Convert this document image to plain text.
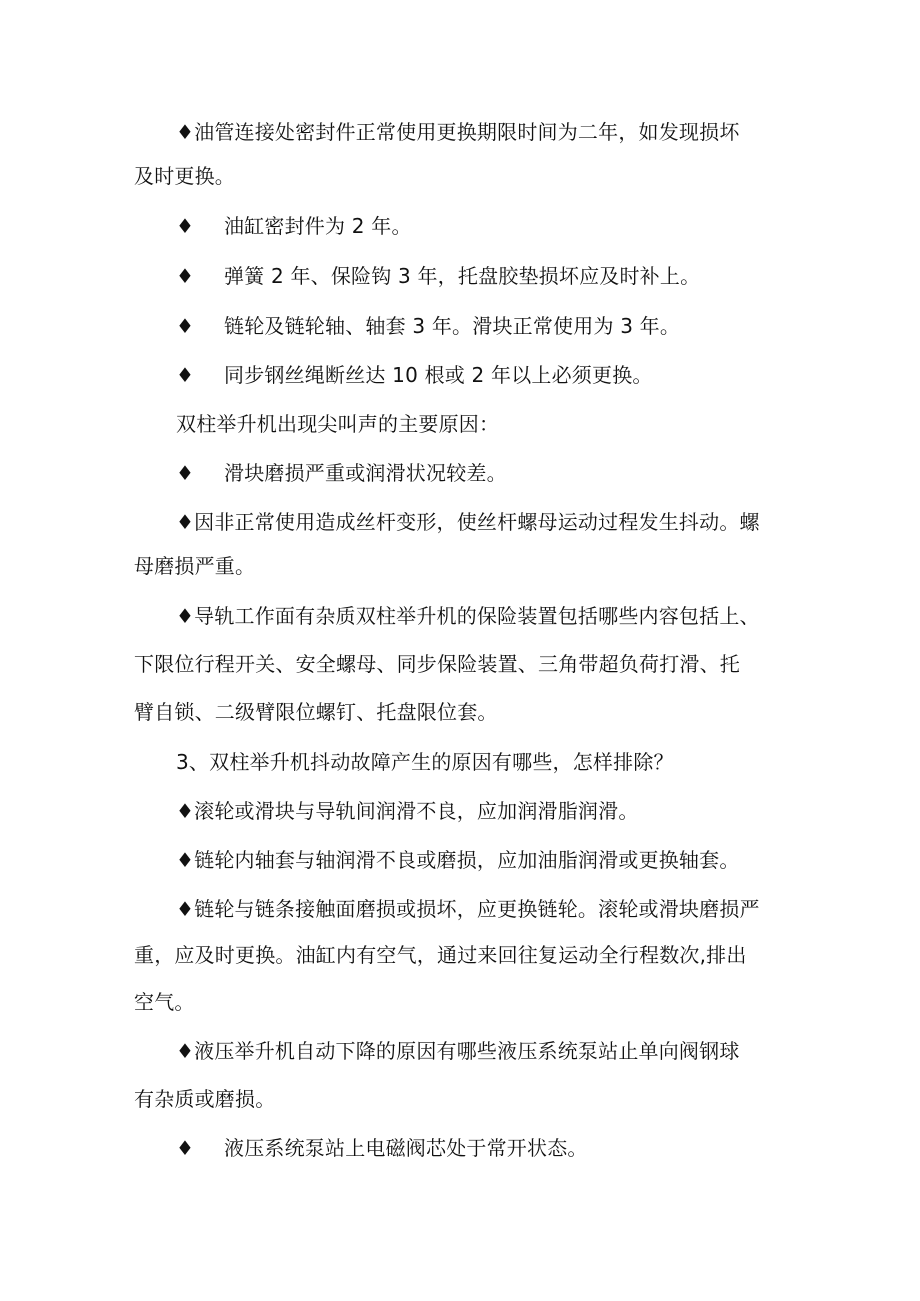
♦油管连接处密封件正常使用更换期限时间为二年，如发现损坏
及时更换。
♦ 油缸密封件为 2 年。
♦ 弹簧 2 年、保险钩 3 年，托盘胶垫损坏应及时补上。
♦ 链轮及链轮轴、轴套 3 年。滑块正常使用为 3 年。
♦ 同步钢丝绳断丝达 10 根或 2 年以上必须更换。
双柱举升机出现尖叫声的主要原因：
♦ 滑块磨损严重或润滑状况较差。
♦因非正常使用造成丝杆变形，使丝杆螺母运动过程发生抖动。螺
母磨损严重。
♦导轨工作面有杂质双柱举升机的保险装置包括哪些内容包括上、
下限位行程开关、安全螺母、同步保险装置、三角带超负荷打滑、托
臂自锁、二级臂限位螺钉、托盘限位套。
3、双柱举升机抖动故障产生的原因有哪些，怎样排除？
♦滚轮或滑块与导轨间润滑不良，应加润滑脂润滑。
♦链轮内轴套与轴润滑不良或磨损，应加油脂润滑或更换轴套。
♦链轮与链条接触面磨损或损坏，应更换链轮。滚轮或滑块磨损严
重，应及时更换。油缸内有空气，通过来回往复运动全行程数次,排出
空气。
♦液压举升机自动下降的原因有哪些液压系统泵站止单向阀钢球
有杂质或磨损。
♦ 液压系统泵站上电磁阀芯处于常开状态。
